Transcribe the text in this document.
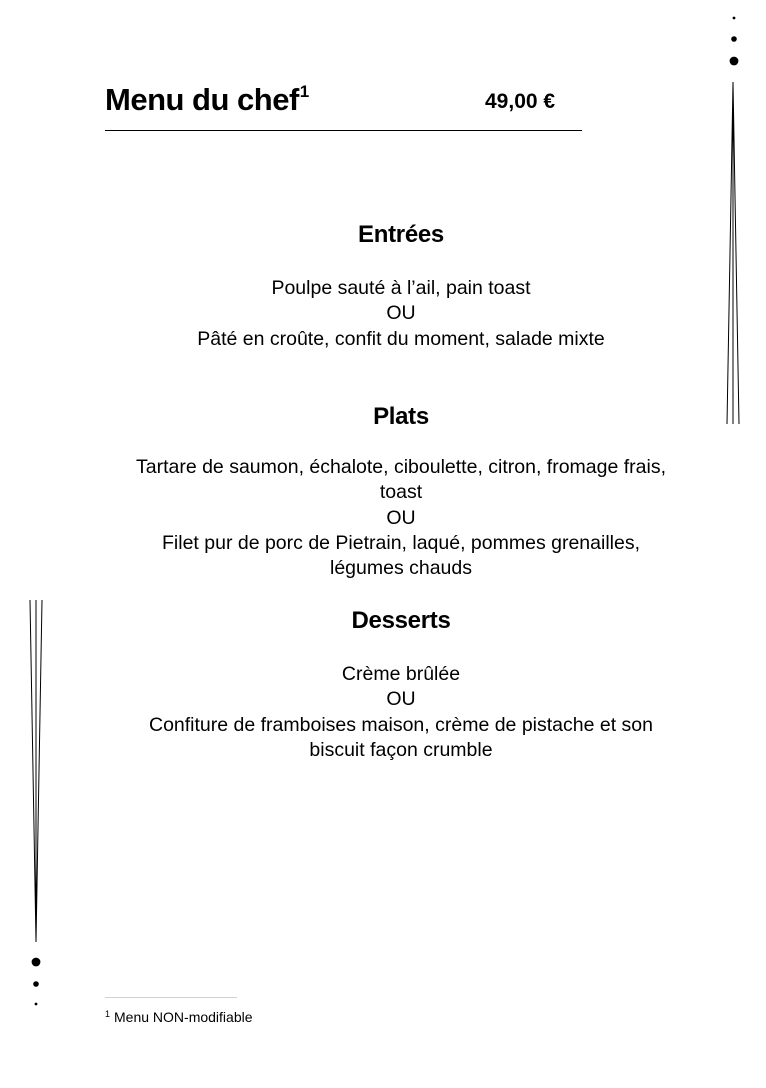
Menu du chef$^1$	49,00 €
Entrées
Poulpe sauté à l’ail, pain toast
OU
Pâté en croûte, confit du moment, salade mixte
Plats
Tartare de saumon, échalote, ciboulette, citron, fromage frais,
toast
OU
Filet pur de porc de Pietrain, laqué, pommes grenailles,
légumes chauds
Desserts
Crème brûlée
OU
Confiture de framboises maison, crème de pistache et son
biscuit façon crumble
$^1$ Menu NON-modifiable
